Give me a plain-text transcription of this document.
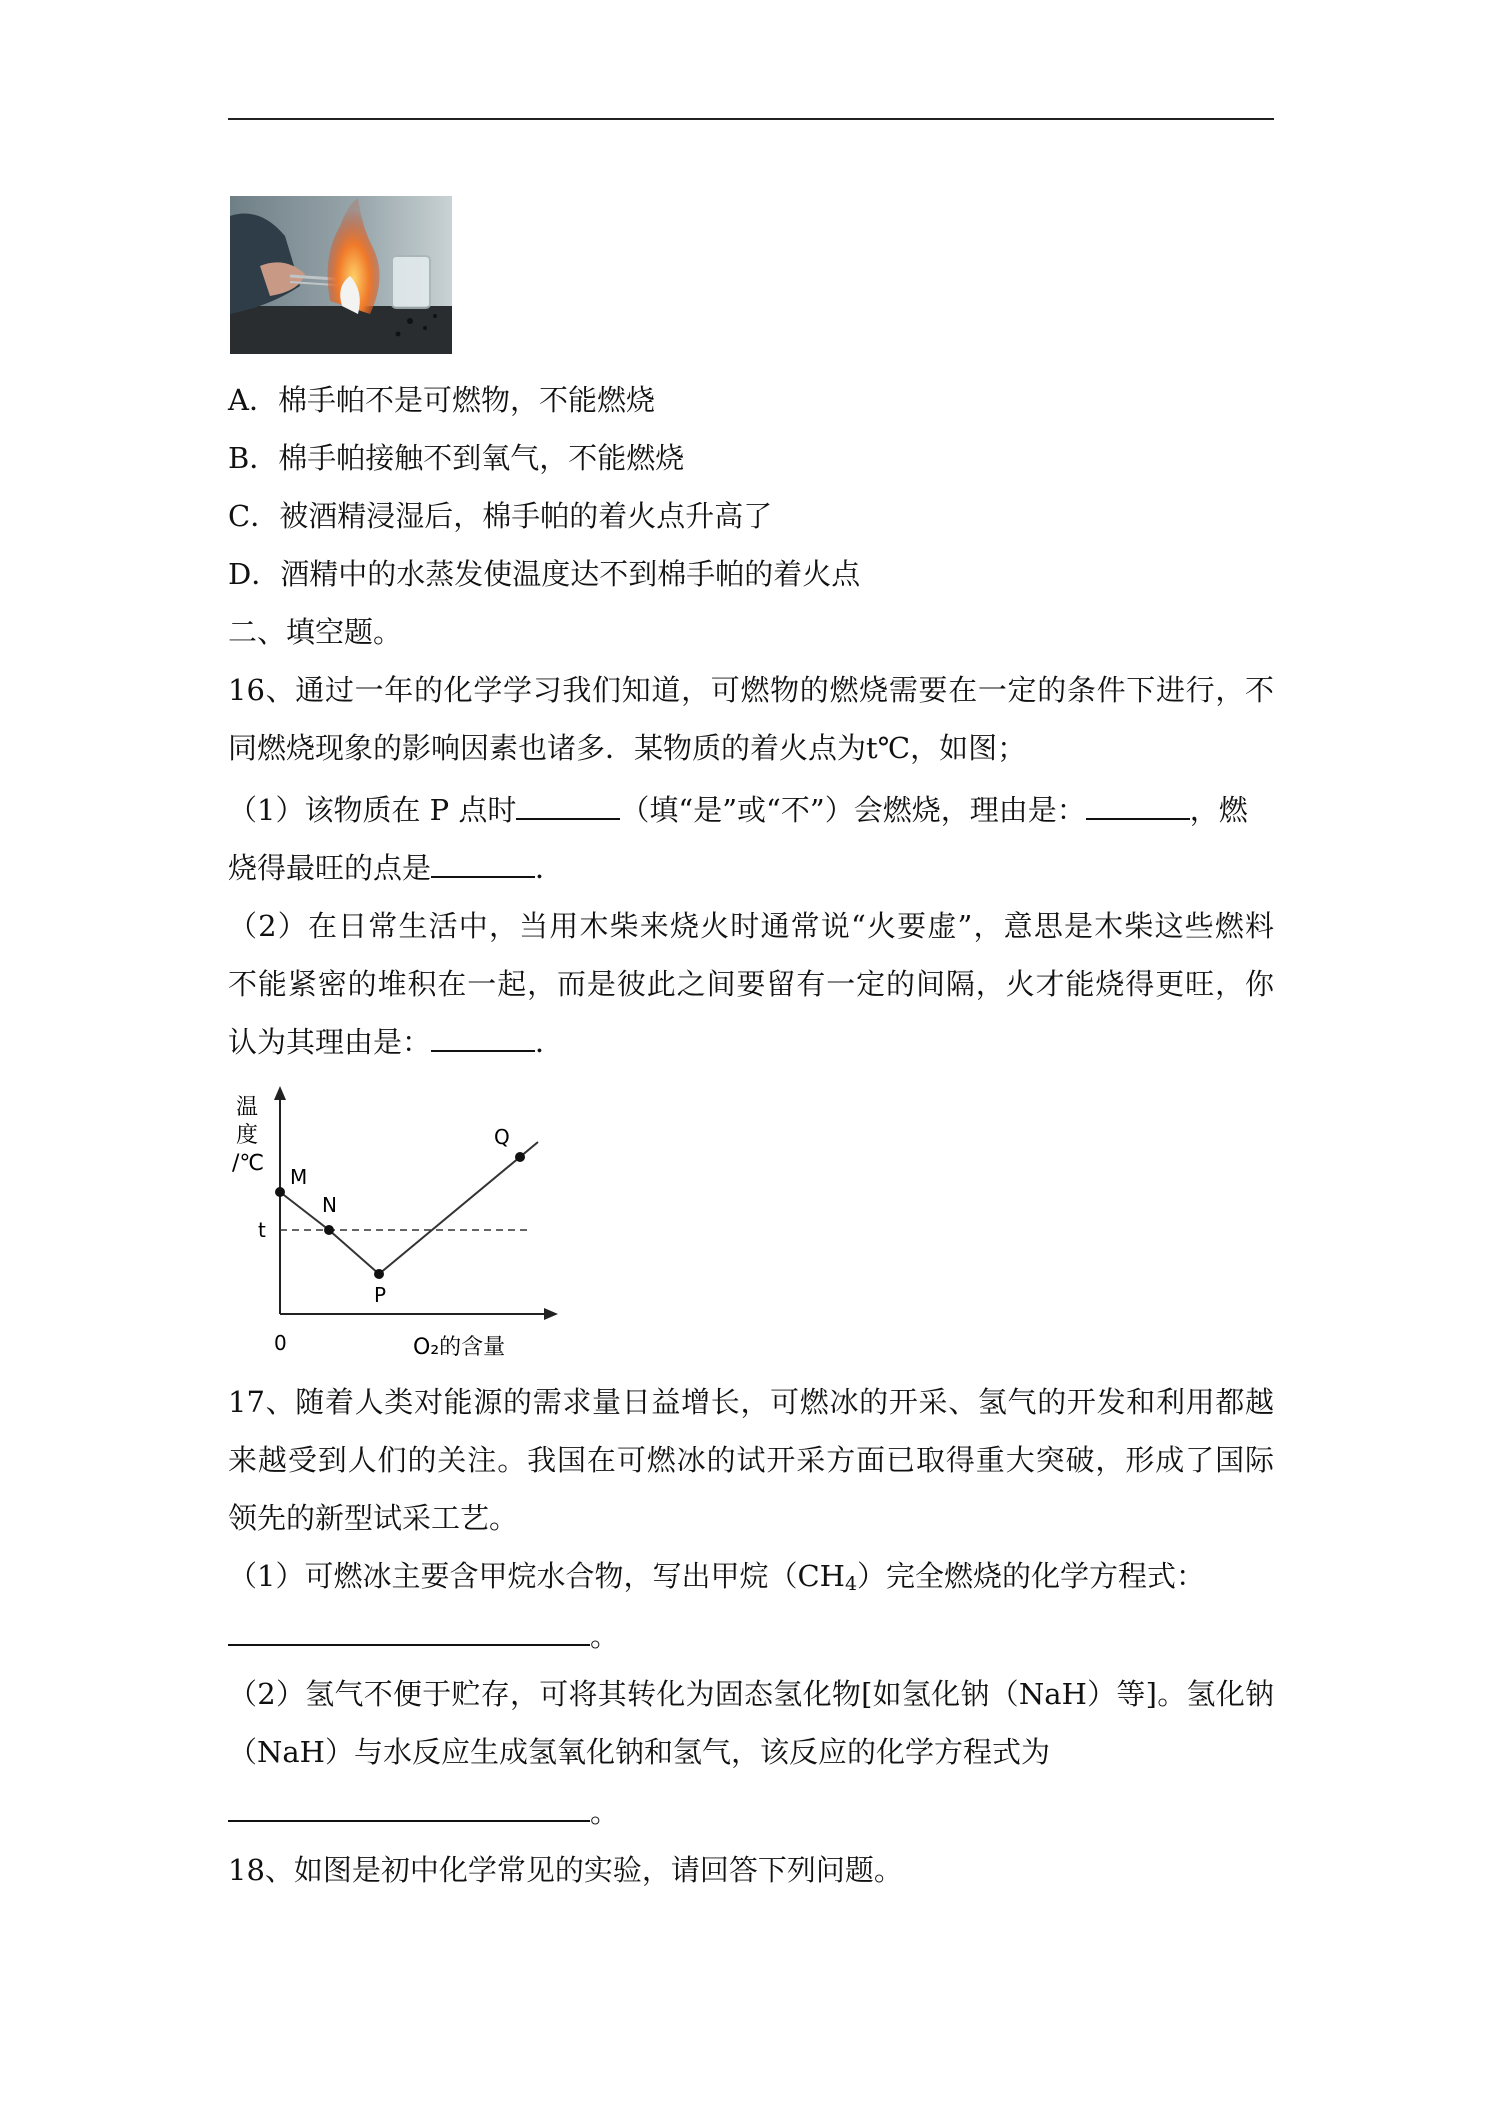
A．棉手帕不是可燃物，不能燃烧
B．棉手帕接触不到氧气，不能燃烧
C．被酒精浸湿后，棉手帕的着火点升高了
D．酒精中的水蒸发使温度达不到棉手帕的着火点
二、填空题。
16、通过一年的化学学习我们知道，可燃物的燃烧需要在一定的条件下进行，不
同燃烧现象的影响因素也诸多．某物质的着火点为t℃，如图；
（1）该物质在 P 点时	（填“是”或“不”）会燃烧，理由是：	，燃
烧得最旺的点是	．
（2）在日常生活中，当用木柴来烧火时通常说“火要虚”，意思是木柴这些燃料
不能紧密的堆积在一起，而是彼此之间要留有一定的间隔，火才能烧得更旺，你
认为其理由是：	．
温
度
/℃
t
0	O₂的含量
M
N
P
Q
17、随着人类对能源的需求量日益增长，可燃冰的开采、氢气的开发和利用都越
来越受到人们的关注。我国在可燃冰的试开采方面已取得重大突破，形成了国际
领先的新型试采工艺。
（1）可燃冰主要含甲烷水合物，写出甲烷$(CH_4)$完全燃烧的化学方程式：
。
（2）氢气不便于贮存，可将其转化为固态氢化物[如氢化钠（NaH）等]。氢化钠
（NaH）与水反应生成氢氧化钠和氢气，该反应的化学方程式为
。
18、如图是初中化学常见的实验，请回答下列问题。
